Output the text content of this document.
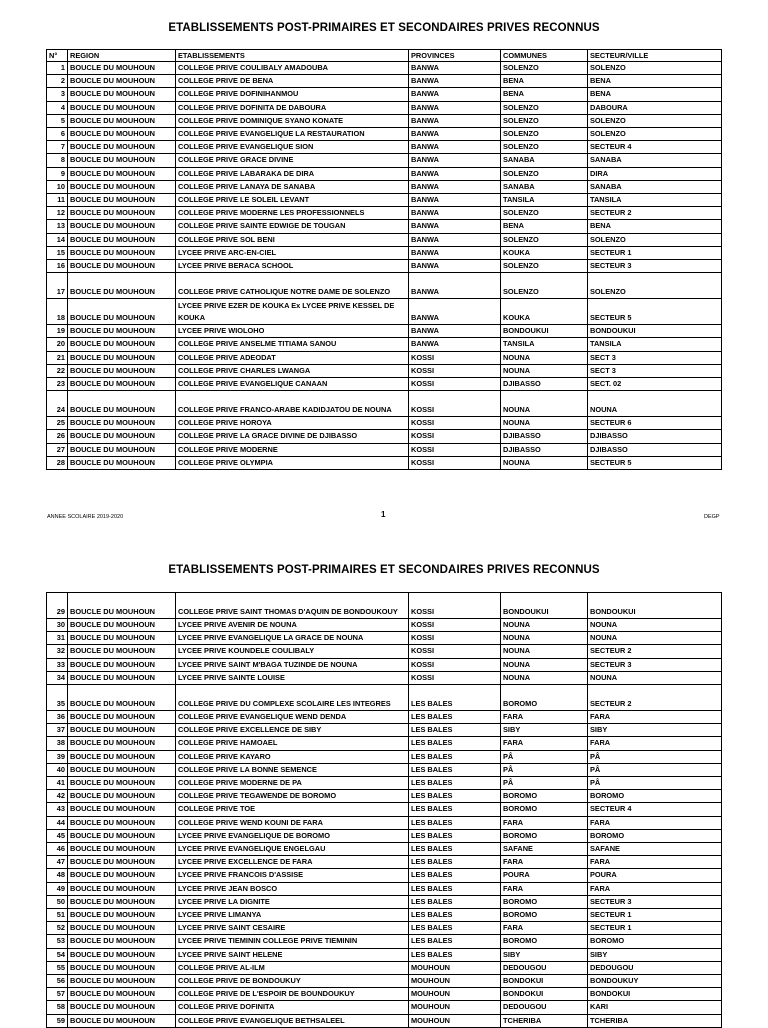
ETABLISSEMENTS POST-PRIMAIRES ET SECONDAIRES PRIVES RECONNUS
N°	REGION	ETABLISSEMENTS	PROVINCES	COMMUNES	SECTEUR/VILLE
1	BOUCLE DU MOUHOUN	COLLEGE PRIVE COULIBALY AMADOUBA	BANWA	SOLENZO	SOLENZO
2	BOUCLE DU MOUHOUN	COLLEGE PRIVE DE BENA	BANWA	BENA	BENA
3	BOUCLE DU MOUHOUN	COLLEGE PRIVE DOFINIHANMOU	BANWA	BENA	BENA
4	BOUCLE DU MOUHOUN	COLLEGE PRIVE DOFINITA DE DABOURA	BANWA	SOLENZO	DABOURA
5	BOUCLE DU MOUHOUN	COLLEGE PRIVE DOMINIQUE SYANO KONATE	BANWA	SOLENZO	SOLENZO
6	BOUCLE DU MOUHOUN	COLLEGE PRIVE EVANGELIQUE LA RESTAURATION	BANWA	SOLENZO	SOLENZO
7	BOUCLE DU MOUHOUN	COLLEGE PRIVE EVANGELIQUE SION	BANWA	SOLENZO	SECTEUR 4
8	BOUCLE DU MOUHOUN	COLLEGE PRIVE GRACE DIVINE	BANWA	SANABA	SANABA
9	BOUCLE DU MOUHOUN	COLLEGE PRIVE LABARAKA DE DIRA	BANWA	SOLENZO	DIRA
10	BOUCLE DU MOUHOUN	COLLEGE PRIVE LANAYA DE SANABA	BANWA	SANABA	SANABA
11	BOUCLE DU MOUHOUN	COLLEGE PRIVE LE SOLEIL LEVANT	BANWA	TANSILA	TANSILA
12	BOUCLE DU MOUHOUN	COLLEGE PRIVE MODERNE LES PROFESSIONNELS	BANWA	SOLENZO	SECTEUR 2
13	BOUCLE DU MOUHOUN	COLLEGE PRIVE SAINTE EDWIGE DE TOUGAN	BANWA	BENA	BENA
14	BOUCLE DU MOUHOUN	COLLEGE PRIVE SOL BENI	BANWA	SOLENZO	SOLENZO
15	BOUCLE DU MOUHOUN	LYCEE PRIVE ARC-EN-CIEL	BANWA	KOUKA	SECTEUR 1
16	BOUCLE DU MOUHOUN	LYCEE PRIVE BERACA SCHOOL	BANWA	SOLENZO	SECTEUR 3
17	BOUCLE DU MOUHOUN	COLLEGE PRIVE CATHOLIQUE NOTRE DAME DE SOLENZO	BANWA	SOLENZO	SOLENZO
18	BOUCLE DU MOUHOUN	LYCEE PRIVE EZER DE KOUKA Ex LYCEE PRIVE KESSEL DE KOUKA	BANWA	KOUKA	SECTEUR 5
19	BOUCLE DU MOUHOUN	LYCEE PRIVE WIOLOHO	BANWA	BONDOUKUI	BONDOUKUI
20	BOUCLE DU MOUHOUN	COLLEGE PRIVE ANSELME TITIAMA SANOU	BANWA	TANSILA	TANSILA
21	BOUCLE DU MOUHOUN	COLLEGE PRIVE ADEODAT	KOSSI	NOUNA	SECT 3
22	BOUCLE DU MOUHOUN	COLLEGE PRIVE CHARLES LWANGA	KOSSI	NOUNA	SECT 3
23	BOUCLE DU MOUHOUN	COLLEGE PRIVE EVANGELIQUE CANAAN	KOSSI	DJIBASSO	SECT. 02
24	BOUCLE DU MOUHOUN	COLLEGE PRIVE FRANCO-ARABE KADIDJATOU DE NOUNA	KOSSI	NOUNA	NOUNA
25	BOUCLE DU MOUHOUN	COLLEGE PRIVE HOROYA	KOSSI	NOUNA	SECTEUR 6
26	BOUCLE DU MOUHOUN	COLLEGE PRIVE LA GRACE DIVINE DE DJIBASSO	KOSSI	DJIBASSO	DJIBASSO
27	BOUCLE DU MOUHOUN	COLLEGE PRIVE MODERNE	KOSSI	DJIBASSO	DJIBASSO
28	BOUCLE DU MOUHOUN	COLLEGE PRIVE OLYMPIA	KOSSI	NOUNA	SECTEUR 5
ANNEE SCOLAIRE 2019-2020	1	DEGP
ETABLISSEMENTS POST-PRIMAIRES ET SECONDAIRES PRIVES RECONNUS
29	BOUCLE DU MOUHOUN	COLLEGE PRIVE SAINT THOMAS D'AQUIN DE BONDOUKOUY	KOSSI	BONDOUKUI	BONDOUKUI
30	BOUCLE DU MOUHOUN	LYCEE PRIVE AVENIR DE NOUNA	KOSSI	NOUNA	NOUNA
31	BOUCLE DU MOUHOUN	LYCEE PRIVE EVANGELIQUE LA GRACE DE NOUNA	KOSSI	NOUNA	NOUNA
32	BOUCLE DU MOUHOUN	LYCEE PRIVE KOUNDELE COULIBALY	KOSSI	NOUNA	SECTEUR 2
33	BOUCLE DU MOUHOUN	LYCEE PRIVE SAINT M'BAGA TUZINDE DE NOUNA	KOSSI	NOUNA	SECTEUR 3
34	BOUCLE DU MOUHOUN	LYCEE PRIVE SAINTE LOUISE	KOSSI	NOUNA	NOUNA
35	BOUCLE DU MOUHOUN	COLLEGE PRIVE DU COMPLEXE SCOLAIRE LES INTEGRES	LES BALES	BOROMO	SECTEUR 2
36	BOUCLE DU MOUHOUN	COLLEGE PRIVE EVANGELIQUE WEND DENDA	LES BALES	FARA	FARA
37	BOUCLE DU MOUHOUN	COLLEGE PRIVE EXCELLENCE DE SIBY	LES BALES	SIBY	SIBY
38	BOUCLE DU MOUHOUN	COLLEGE PRIVE HAMOAEL	LES BALES	FARA	FARA
39	BOUCLE DU MOUHOUN	COLLEGE PRIVE KAYARO	LES BALES	PÂ	PÂ
40	BOUCLE DU MOUHOUN	COLLEGE PRIVE LA BONNE SEMENCE	LES BALES	PÂ	PÂ
41	BOUCLE DU MOUHOUN	COLLEGE PRIVE MODERNE DE PA	LES BALES	PÂ	PÂ
42	BOUCLE DU MOUHOUN	COLLEGE PRIVE TEGAWENDE DE BOROMO	LES BALES	BOROMO	BOROMO
43	BOUCLE DU MOUHOUN	COLLEGE PRIVE TOE	LES BALES	BOROMO	SECTEUR 4
44	BOUCLE DU MOUHOUN	COLLEGE PRIVE WEND KOUNI DE FARA	LES BALES	FARA	FARA
45	BOUCLE DU MOUHOUN	LYCEE PRIVE EVANGELIQUE DE BOROMO	LES BALES	BOROMO	BOROMO
46	BOUCLE DU MOUHOUN	LYCEE PRIVE EVANGELIQUE ENGELGAU	LES BALES	SAFANE	SAFANE
47	BOUCLE DU MOUHOUN	LYCEE PRIVE EXCELLENCE DE FARA	LES BALES	FARA	FARA
48	BOUCLE DU MOUHOUN	LYCEE PRIVE FRANCOIS D'ASSISE	LES BALES	POURA	POURA
49	BOUCLE DU MOUHOUN	LYCEE PRIVE JEAN BOSCO	LES BALES	FARA	FARA
50	BOUCLE DU MOUHOUN	LYCEE PRIVE LA DIGNITE	LES BALES	BOROMO	SECTEUR 3
51	BOUCLE DU MOUHOUN	LYCEE PRIVE LIMANYA	LES BALES	BOROMO	SECTEUR 1
52	BOUCLE DU MOUHOUN	LYCEE PRIVE SAINT CESAIRE	LES BALES	FARA	SECTEUR 1
53	BOUCLE DU MOUHOUN	LYCEE PRIVE TIEMININ COLLEGE PRIVE TIEMININ	LES BALES	BOROMO	BOROMO
54	BOUCLE DU MOUHOUN	LYCEE PRIVE SAINT HELENE	LES BALES	SIBY	SIBY
55	BOUCLE DU MOUHOUN	COLLEGE PRIVE AL-ILM	MOUHOUN	DEDOUGOU	DEDOUGOU
56	BOUCLE DU MOUHOUN	COLLEGE PRIVE DE BONDOUKUY	MOUHOUN	BONDOKUI	BONDOUKUY
57	BOUCLE DU MOUHOUN	COLLEGE PRIVE DE L'ESPOIR DE BOUNDOUKUY	MOUHOUN	BONDOKUI	BONDOKUI
58	BOUCLE DU MOUHOUN	COLLEGE PRIVE DOFINITA	MOUHOUN	DEDOUGOU	KARI
59	BOUCLE DU MOUHOUN	COLLEGE PRIVE EVANGELIQUE BETHSALEEL	MOUHOUN	TCHERIBA	TCHERIBA
